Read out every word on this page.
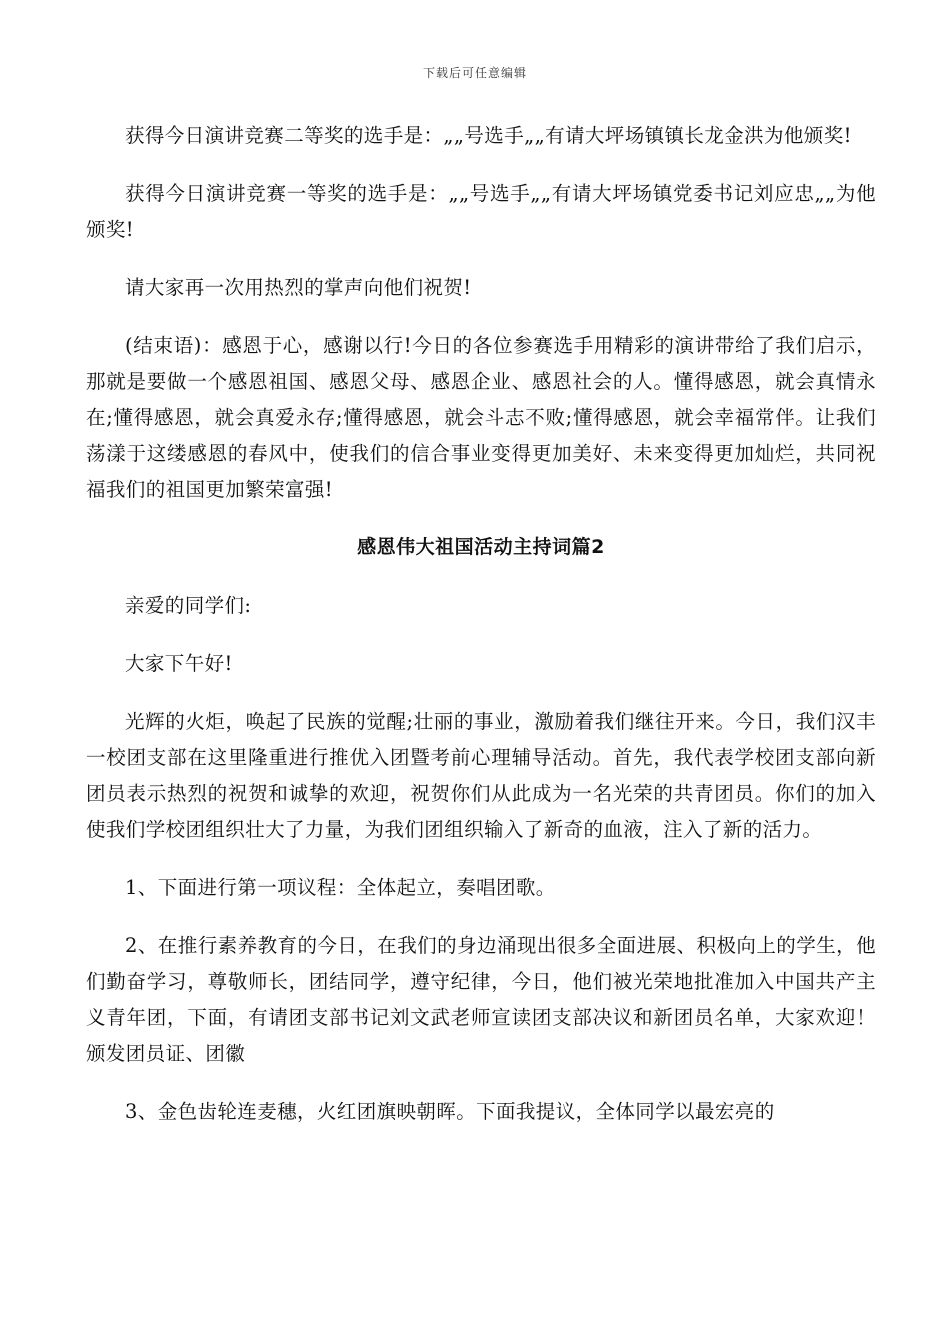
下载后可任意编辑

获得今日演讲竞赛二等奖的选手是：„„号选手„„有请大坪场镇镇长龙金洪为他颁奖!

获得今日演讲竞赛一等奖的选手是：„„号选手„„有请大坪场镇党委书记刘应忠„„为他颁奖!

请大家再一次用热烈的掌声向他们祝贺!

(结束语)：感恩于心，感谢以行!今日的各位参赛选手用精彩的演讲带给了我们启示，那就是要做一个感恩祖国、感恩父母、感恩企业、感恩社会的人。懂得感恩，就会真情永在;懂得感恩，就会真爱永存;懂得感恩，就会斗志不败;懂得感恩，就会幸福常伴。让我们荡漾于这缕感恩的春风中，使我们的信合事业变得更加美好、未来变得更加灿烂，共同祝福我们的祖国更加繁荣富强!

感恩伟大祖国活动主持词篇2

亲爱的同学们:

大家下午好!

光辉的火炬，唤起了民族的觉醒;壮丽的事业，激励着我们继往开来。今日，我们汉丰一校团支部在这里隆重进行推优入团暨考前心理辅导活动。首先，我代表学校团支部向新团员表示热烈的祝贺和诚挚的欢迎，祝贺你们从此成为一名光荣的共青团员。你们的加入使我们学校团组织壮大了力量，为我们团组织输入了新奇的血液，注入了新的活力。

1、下面进行第一项议程：全体起立，奏唱团歌。

2、在推行素养教育的今日，在我们的身边涌现出很多全面进展、积极向上的学生，他们勤奋学习，尊敬师长，团结同学，遵守纪律，今日，他们被光荣地批准加入中国共产主义青年团，下面，有请团支部书记刘文武老师宣读团支部决议和新团员名单，大家欢迎！颁发团员证、团徽

3、金色齿轮连麦穗，火红团旗映朝晖。下面我提议，全体同学以最宏亮的
